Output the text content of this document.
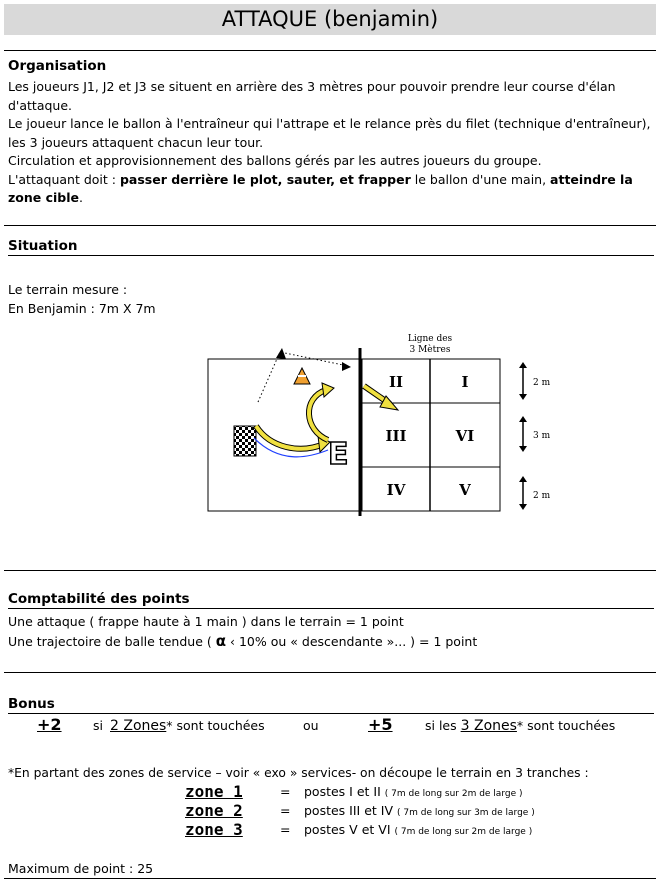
ATTAQUE (benjamin)
Organisation
Les joueurs J1, J2 et J3 se situent en arrière des 3 mètres pour pouvoir prendre leur course d'élan d'attaque.
Le joueur lance le ballon à l'entraîneur qui l'attrape et le relance près du filet (technique d'entraîneur), les 3 joueurs attaquent chacun leur tour.
Circulation et approvisionnement des ballons gérés par les autres joueurs du groupe.
L'attaquant doit : passer derrière le plot, sauter, et frapper le ballon d'une main, atteindre la zone cible.
Situation
Le terrain mesure :
En Benjamin : 7m X 7m
Ligne des
3 Mètres
II	I
III	VI
IV	V
2 m
3 m
2 m
E
Comptabilité des points
Une attaque ( frappe haute à 1 main ) dans le terrain = 1 point
Une trajectoire de balle tendue ( α ‹ 10% ou « descendante »... ) = 1 point
Bonus
+2	si 2 Zones* sont touchées	ou	+5	si les 3 Zones* sont touchées
*En partant des zones de service – voir « exo » services- on découpe le terrain en 3 tranches :
zone 1	= postes I et II ( 7m de long sur 2m de large )
zone 2	= postes III et IV ( 7m de long sur 3m de large )
zone 3	= postes V et VI ( 7m de long sur 2m de large )
Maximum de point : 25
